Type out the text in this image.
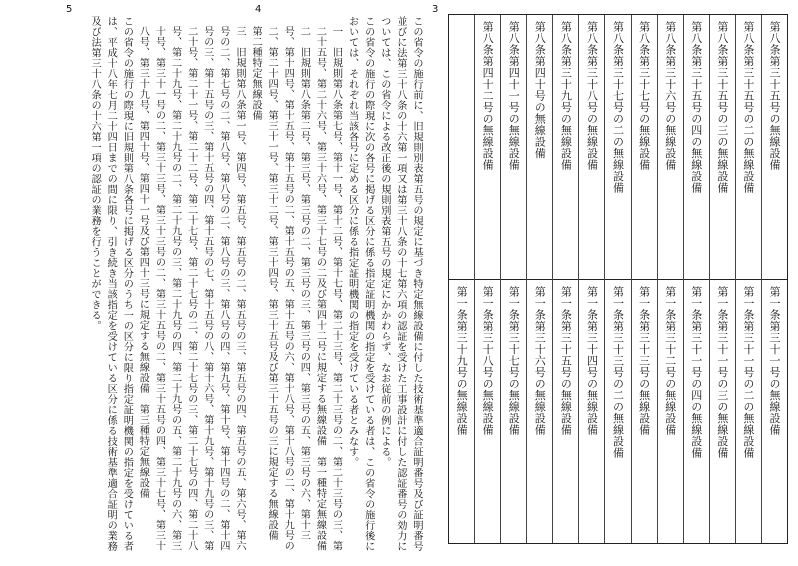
3
4
5
第八条第三十五号の無線設備
第一条第三十一号の無線設備
第八条第三十五号の二の無線設備
第一条第三十一号の二の無線設備
第八条第三十五号の三の無線設備
第一条第三十一号の三の無線設備
第八条第三十五号の四の無線設備
第一条第三十一号の四の無線設備
第八条第三十六号の無線設備
第一条第三十二号の無線設備
第八条第三十七号の無線設備
第一条第三十三号の無線設備
第八条第三十七号の二の無線設備
第一条第三十三号の二の無線設備
第八条第三十八号の無線設備
第一条第三十四号の無線設備
第八条第三十九号の無線設備
第一条第三十五号の無線設備
第八条第四十号の無線設備
第一条第三十六号の無線設備
第八条第四十一号の無線設備
第一条第三十七号の無線設備
第八条第四十二号の無線設備
第一条第三十八号の無線設備
第一条第三十九号の無線設備

この省令の施行前に、旧規則別表第五号の規定に基づき特定無線設備に付した技術基準適合証明番号及び証明番号並びに法第三十八条の十六第一項又は第三十八条の十七第六項の認証を受けた工事設計に付した認証番号の効力については、この省令による改正後の規則別表第五号の規定にかかわらず、なお従前の例による。

この省令の施行の際現に次の各号に掲げる区分に係る指定証明機関の指定を受けている者は、この省令の施行後においては、それぞれ当該各号に定める区分に係る指定証明機関の指定を受けている者とみなす。

一　旧規則第八条第七号、第十一号、第十二号、第十七号、第二十三号、第二十三号の二、第二十三号の三、第二十五号、第二十六号、第三十六号、第三十七号の二及び第四十二号に規定する無線設備　第一種特定無線設備

二　旧規則第八条第二号、第三号、第三号の二、第三号の三、第三号の四、第三号の五、第三号の六、第十三号、第十四号、第十五号、第十五号の二、第十五号の五、第十五号の六、第十八号、第十八号の二、第十九号の二、第二十四号、第三十一号、第三十二号、第三十四号、第三十五号及び第三十五号の三に規定する無線設備　第二種特定無線設備

三　旧規則第八条第一号、第四号、第五号、第五号の二、第五号の三、第五号の四、第五号の五、第六号、第六号の二、第七号の二、第八号、第八号の二、第八号の三、第八号の四、第九号、第十号、第十四号の二、第十四号の三、第十五号の三、第十五号の四、第十五号の七、第十五号の八、第十六号、第十九号、第十九号の三、第二十号、第二十一号、第二十二号、第二十七号、第二十七号の二、第二十七号の三、第二十七号の四、第二十八号、第二十九号、第二十九号の二、第二十九号の三、第二十九号の四、第二十九号の五、第二十九号の六、第三十号、第三十一号の二、第三十三号、第三十三号の二、第三十五号の二、第三十五号の四、第三十七号、第三十八号、第三十九号、第四十号、第四十一号及び第四十三号に規定する無線設備　第三種特定無線設備

この省令の施行の際現に旧規則第八条各号に掲げる区分のうち一の区分に限り指定証明機関の指定を受けている者は、平成十八年七月二十四日までの間に限り、引き続き当該指定を受けている区分に係る技術基準適合証明の業務及び法第三十八条の十六第一項の認証の業務を行うことができる。
